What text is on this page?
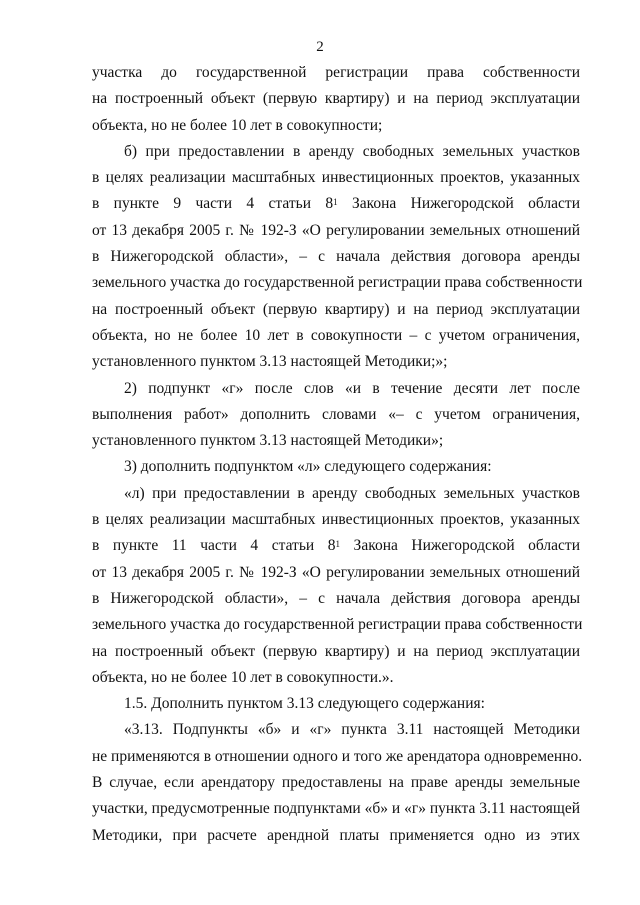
2
участка до государственной регистрации права собственности
на построенный объект (первую квартиру) и на период эксплуатации
объекта, но не более 10 лет в совокупности;
б) при предоставлении в аренду свободных земельных участков
в целях реализации масштабных инвестиционных проектов, указанных
в пункте 9 части 4 статьи $8^1$ Закона Нижегородской области
от 13 декабря 2005 г. № 192-З «О регулировании земельных отношений
в Нижегородской области», – с начала действия договора аренды
земельного участка до государственной регистрации права собственности
на построенный объект (первую квартиру) и на период эксплуатации
объекта, но не более 10 лет в совокупности – с учетом ограничения,
установленного пунктом 3.13 настоящей Методики;»;
2) подпункт «г» после слов «и в течение десяти лет после
выполнения работ» дополнить словами «– с учетом ограничения,
установленного пунктом 3.13 настоящей Методики»;
3) дополнить подпунктом «л» следующего содержания:
«л) при предоставлении в аренду свободных земельных участков
в целях реализации масштабных инвестиционных проектов, указанных
в пункте 11 части 4 статьи $8^1$ Закона Нижегородской области
от 13 декабря 2005 г. № 192-З «О регулировании земельных отношений
в Нижегородской области», – с начала действия договора аренды
земельного участка до государственной регистрации права собственности
на построенный объект (первую квартиру) и на период эксплуатации
объекта, но не более 10 лет в совокупности.».
1.5. Дополнить пунктом 3.13 следующего содержания:
«3.13. Подпункты «б» и «г» пункта 3.11 настоящей Методики
не применяются в отношении одного и того же арендатора одновременно.
В случае, если арендатору предоставлены на праве аренды земельные
участки, предусмотренные подпунктами «б» и «г» пункта 3.11 настоящей
Методики, при расчете арендной платы применяется одно из этих
